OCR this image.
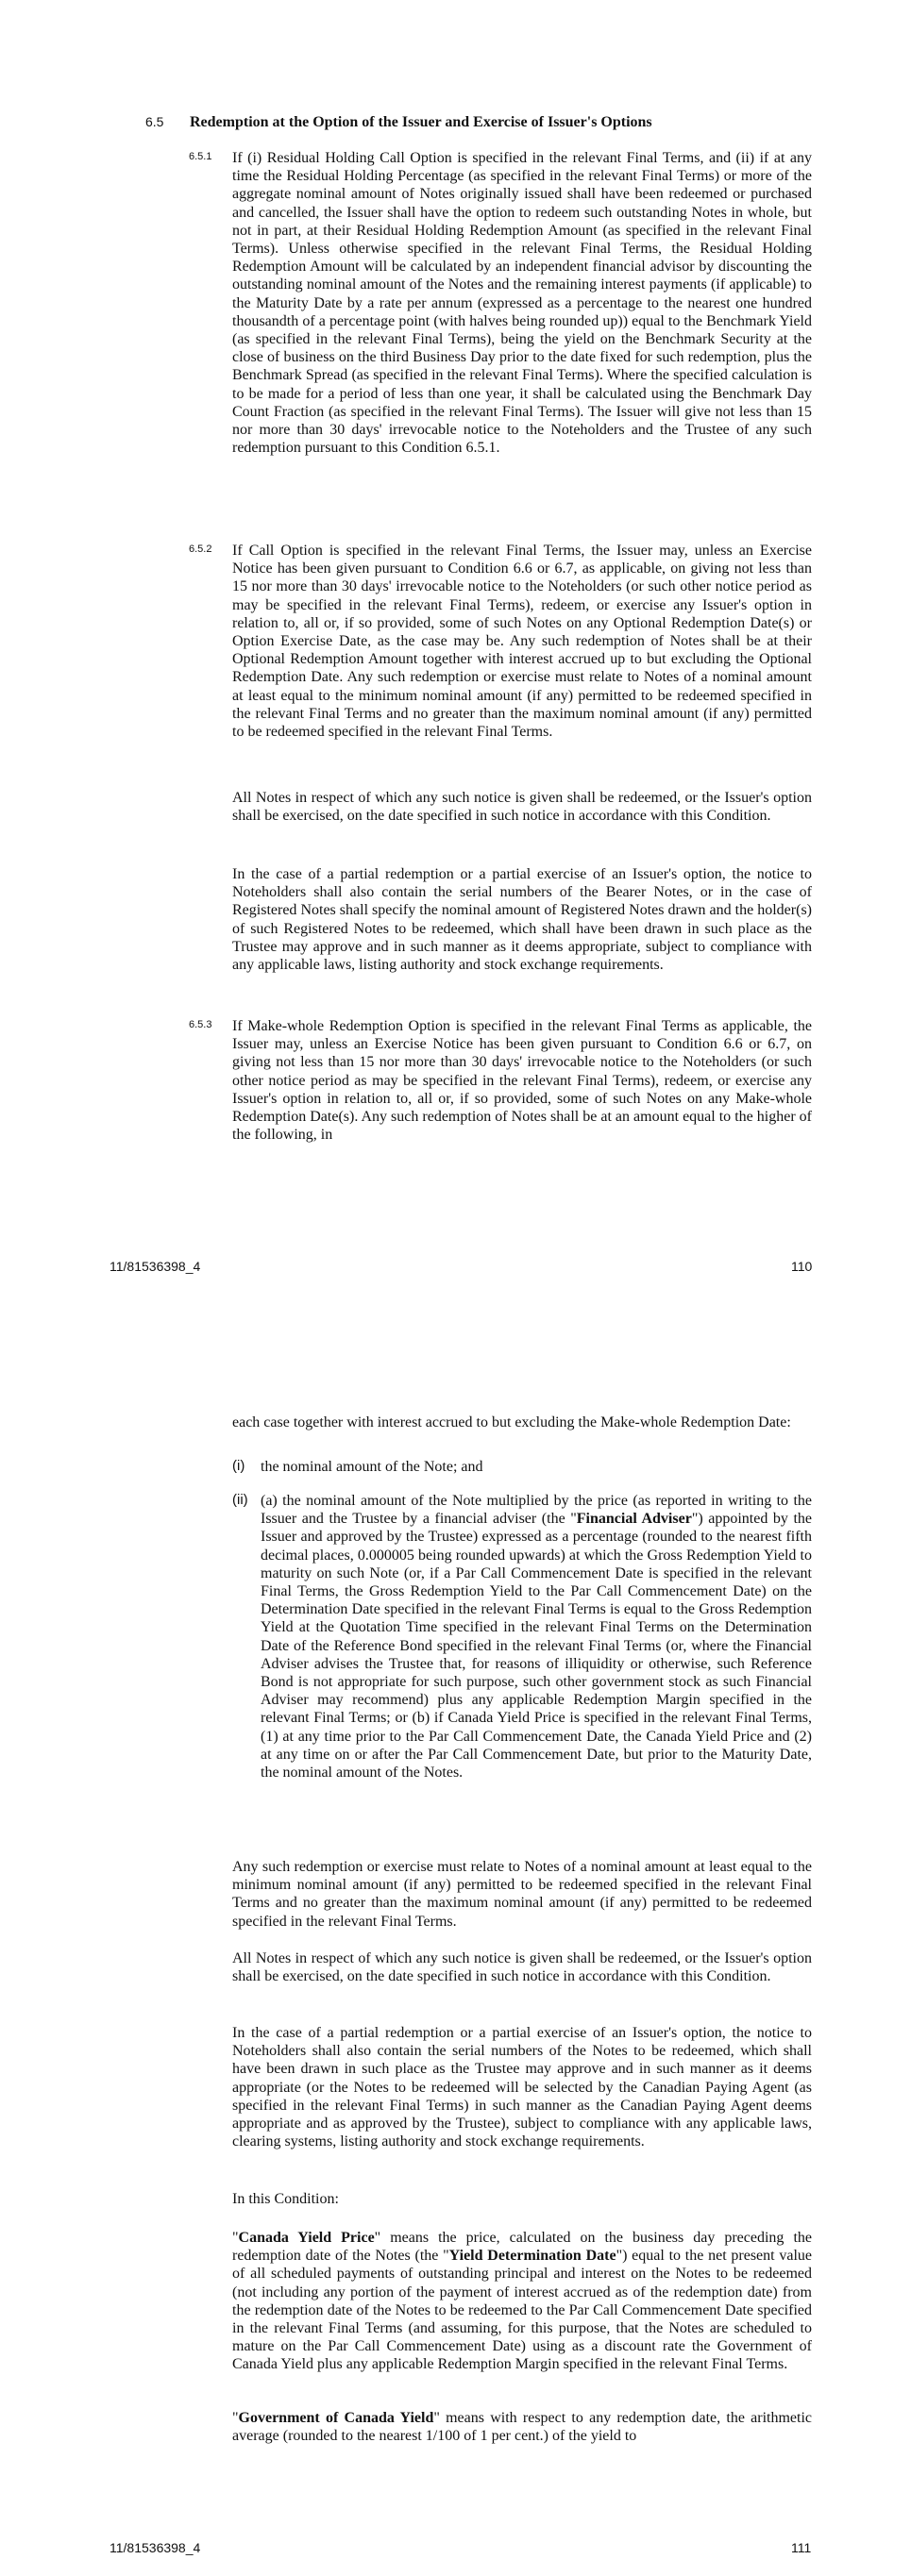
6.5 Redemption at the Option of the Issuer and Exercise of Issuer's Options
6.5.1 If (i) Residual Holding Call Option is specified in the relevant Final Terms, and (ii) if at any time the Residual Holding Percentage (as specified in the relevant Final Terms) or more of the aggregate nominal amount of Notes originally issued shall have been redeemed or purchased and cancelled, the Issuer shall have the option to redeem such outstanding Notes in whole, but not in part, at their Residual Holding Redemption Amount (as specified in the relevant Final Terms). Unless otherwise specified in the relevant Final Terms, the Residual Holding Redemption Amount will be calculated by an independent financial advisor by discounting the outstanding nominal amount of the Notes and the remaining interest payments (if applicable) to the Maturity Date by a rate per annum (expressed as a percentage to the nearest one hundred thousandth of a percentage point (with halves being rounded up)) equal to the Benchmark Yield (as specified in the relevant Final Terms), being the yield on the Benchmark Security at the close of business on the third Business Day prior to the date fixed for such redemption, plus the Benchmark Spread (as specified in the relevant Final Terms). Where the specified calculation is to be made for a period of less than one year, it shall be calculated using the Benchmark Day Count Fraction (as specified in the relevant Final Terms). The Issuer will give not less than 15 nor more than 30 days' irrevocable notice to the Noteholders and the Trustee of any such redemption pursuant to this Condition 6.5.1.

6.5.2 If Call Option is specified in the relevant Final Terms, the Issuer may, unless an Exercise Notice has been given pursuant to Condition 6.6 or 6.7, as applicable, on giving not less than 15 nor more than 30 days' irrevocable notice to the Noteholders (or such other notice period as may be specified in the relevant Final Terms), redeem, or exercise any Issuer's option in relation to, all or, if so provided, some of such Notes on any Optional Redemption Date(s) or Option Exercise Date, as the case may be. Any such redemption of Notes shall be at their Optional Redemption Amount together with interest accrued up to but excluding the Optional Redemption Date. Any such redemption or exercise must relate to Notes of a nominal amount at least equal to the minimum nominal amount (if any) permitted to be redeemed specified in the relevant Final Terms and no greater than the maximum nominal amount (if any) permitted to be redeemed specified in the relevant Final Terms.

All Notes in respect of which any such notice is given shall be redeemed, or the Issuer's option shall be exercised, on the date specified in such notice in accordance with this Condition.

In the case of a partial redemption or a partial exercise of an Issuer's option, the notice to Noteholders shall also contain the serial numbers of the Bearer Notes, or in the case of Registered Notes shall specify the nominal amount of Registered Notes drawn and the holder(s) of such Registered Notes to be redeemed, which shall have been drawn in such place as the Trustee may approve and in such manner as it deems appropriate, subject to compliance with any applicable laws, listing authority and stock exchange requirements.

6.5.3 If Make-whole Redemption Option is specified in the relevant Final Terms as applicable, the Issuer may, unless an Exercise Notice has been given pursuant to Condition 6.6 or 6.7, on giving not less than 15 nor more than 30 days' irrevocable notice to the Noteholders (or such other notice period as may be specified in the relevant Final Terms), redeem, or exercise any Issuer's option in relation to, all or, if so provided, some of such Notes on any Make-whole Redemption Date(s). Any such redemption of Notes shall be at an amount equal to the higher of the following, in

11/81536398_4	110

each case together with interest accrued to but excluding the Make-whole Redemption Date:

(i) the nominal amount of the Note; and

(ii) (a) the nominal amount of the Note multiplied by the price (as reported in writing to the Issuer and the Trustee by a financial adviser (the "Financial Adviser") appointed by the Issuer and approved by the Trustee) expressed as a percentage (rounded to the nearest fifth decimal places, 0.000005 being rounded upwards) at which the Gross Redemption Yield to maturity on such Note (or, if a Par Call Commencement Date is specified in the relevant Final Terms, the Gross Redemption Yield to the Par Call Commencement Date) on the Determination Date specified in the relevant Final Terms is equal to the Gross Redemption Yield at the Quotation Time specified in the relevant Final Terms on the Determination Date of the Reference Bond specified in the relevant Final Terms (or, where the Financial Adviser advises the Trustee that, for reasons of illiquidity or otherwise, such Reference Bond is not appropriate for such purpose, such other government stock as such Financial Adviser may recommend) plus any applicable Redemption Margin specified in the relevant Final Terms; or (b) if Canada Yield Price is specified in the relevant Final Terms, (1) at any time prior to the Par Call Commencement Date, the Canada Yield Price and (2) at any time on or after the Par Call Commencement Date, but prior to the Maturity Date, the nominal amount of the Notes.

Any such redemption or exercise must relate to Notes of a nominal amount at least equal to the minimum nominal amount (if any) permitted to be redeemed specified in the relevant Final Terms and no greater than the maximum nominal amount (if any) permitted to be redeemed specified in the relevant Final Terms.

All Notes in respect of which any such notice is given shall be redeemed, or the Issuer's option shall be exercised, on the date specified in such notice in accordance with this Condition.

In the case of a partial redemption or a partial exercise of an Issuer's option, the notice to Noteholders shall also contain the serial numbers of the Notes to be redeemed, which shall have been drawn in such place as the Trustee may approve and in such manner as it deems appropriate (or the Notes to be redeemed will be selected by the Canadian Paying Agent (as specified in the relevant Final Terms) in such manner as the Canadian Paying Agent deems appropriate and as approved by the Trustee), subject to compliance with any applicable laws, clearing systems, listing authority and stock exchange requirements.

In this Condition:

"Canada Yield Price" means the price, calculated on the business day preceding the redemption date of the Notes (the "Yield Determination Date") equal to the net present value of all scheduled payments of outstanding principal and interest on the Notes to be redeemed (not including any portion of the payment of interest accrued as of the redemption date) from the redemption date of the Notes to be redeemed to the Par Call Commencement Date specified in the relevant Final Terms (and assuming, for this purpose, that the Notes are scheduled to mature on the Par Call Commencement Date) using as a discount rate the Government of Canada Yield plus any applicable Redemption Margin specified in the relevant Final Terms.

"Government of Canada Yield" means with respect to any redemption date, the arithmetic average (rounded to the nearest 1/100 of 1 per cent.) of the yield to

11/81536398_4	111
